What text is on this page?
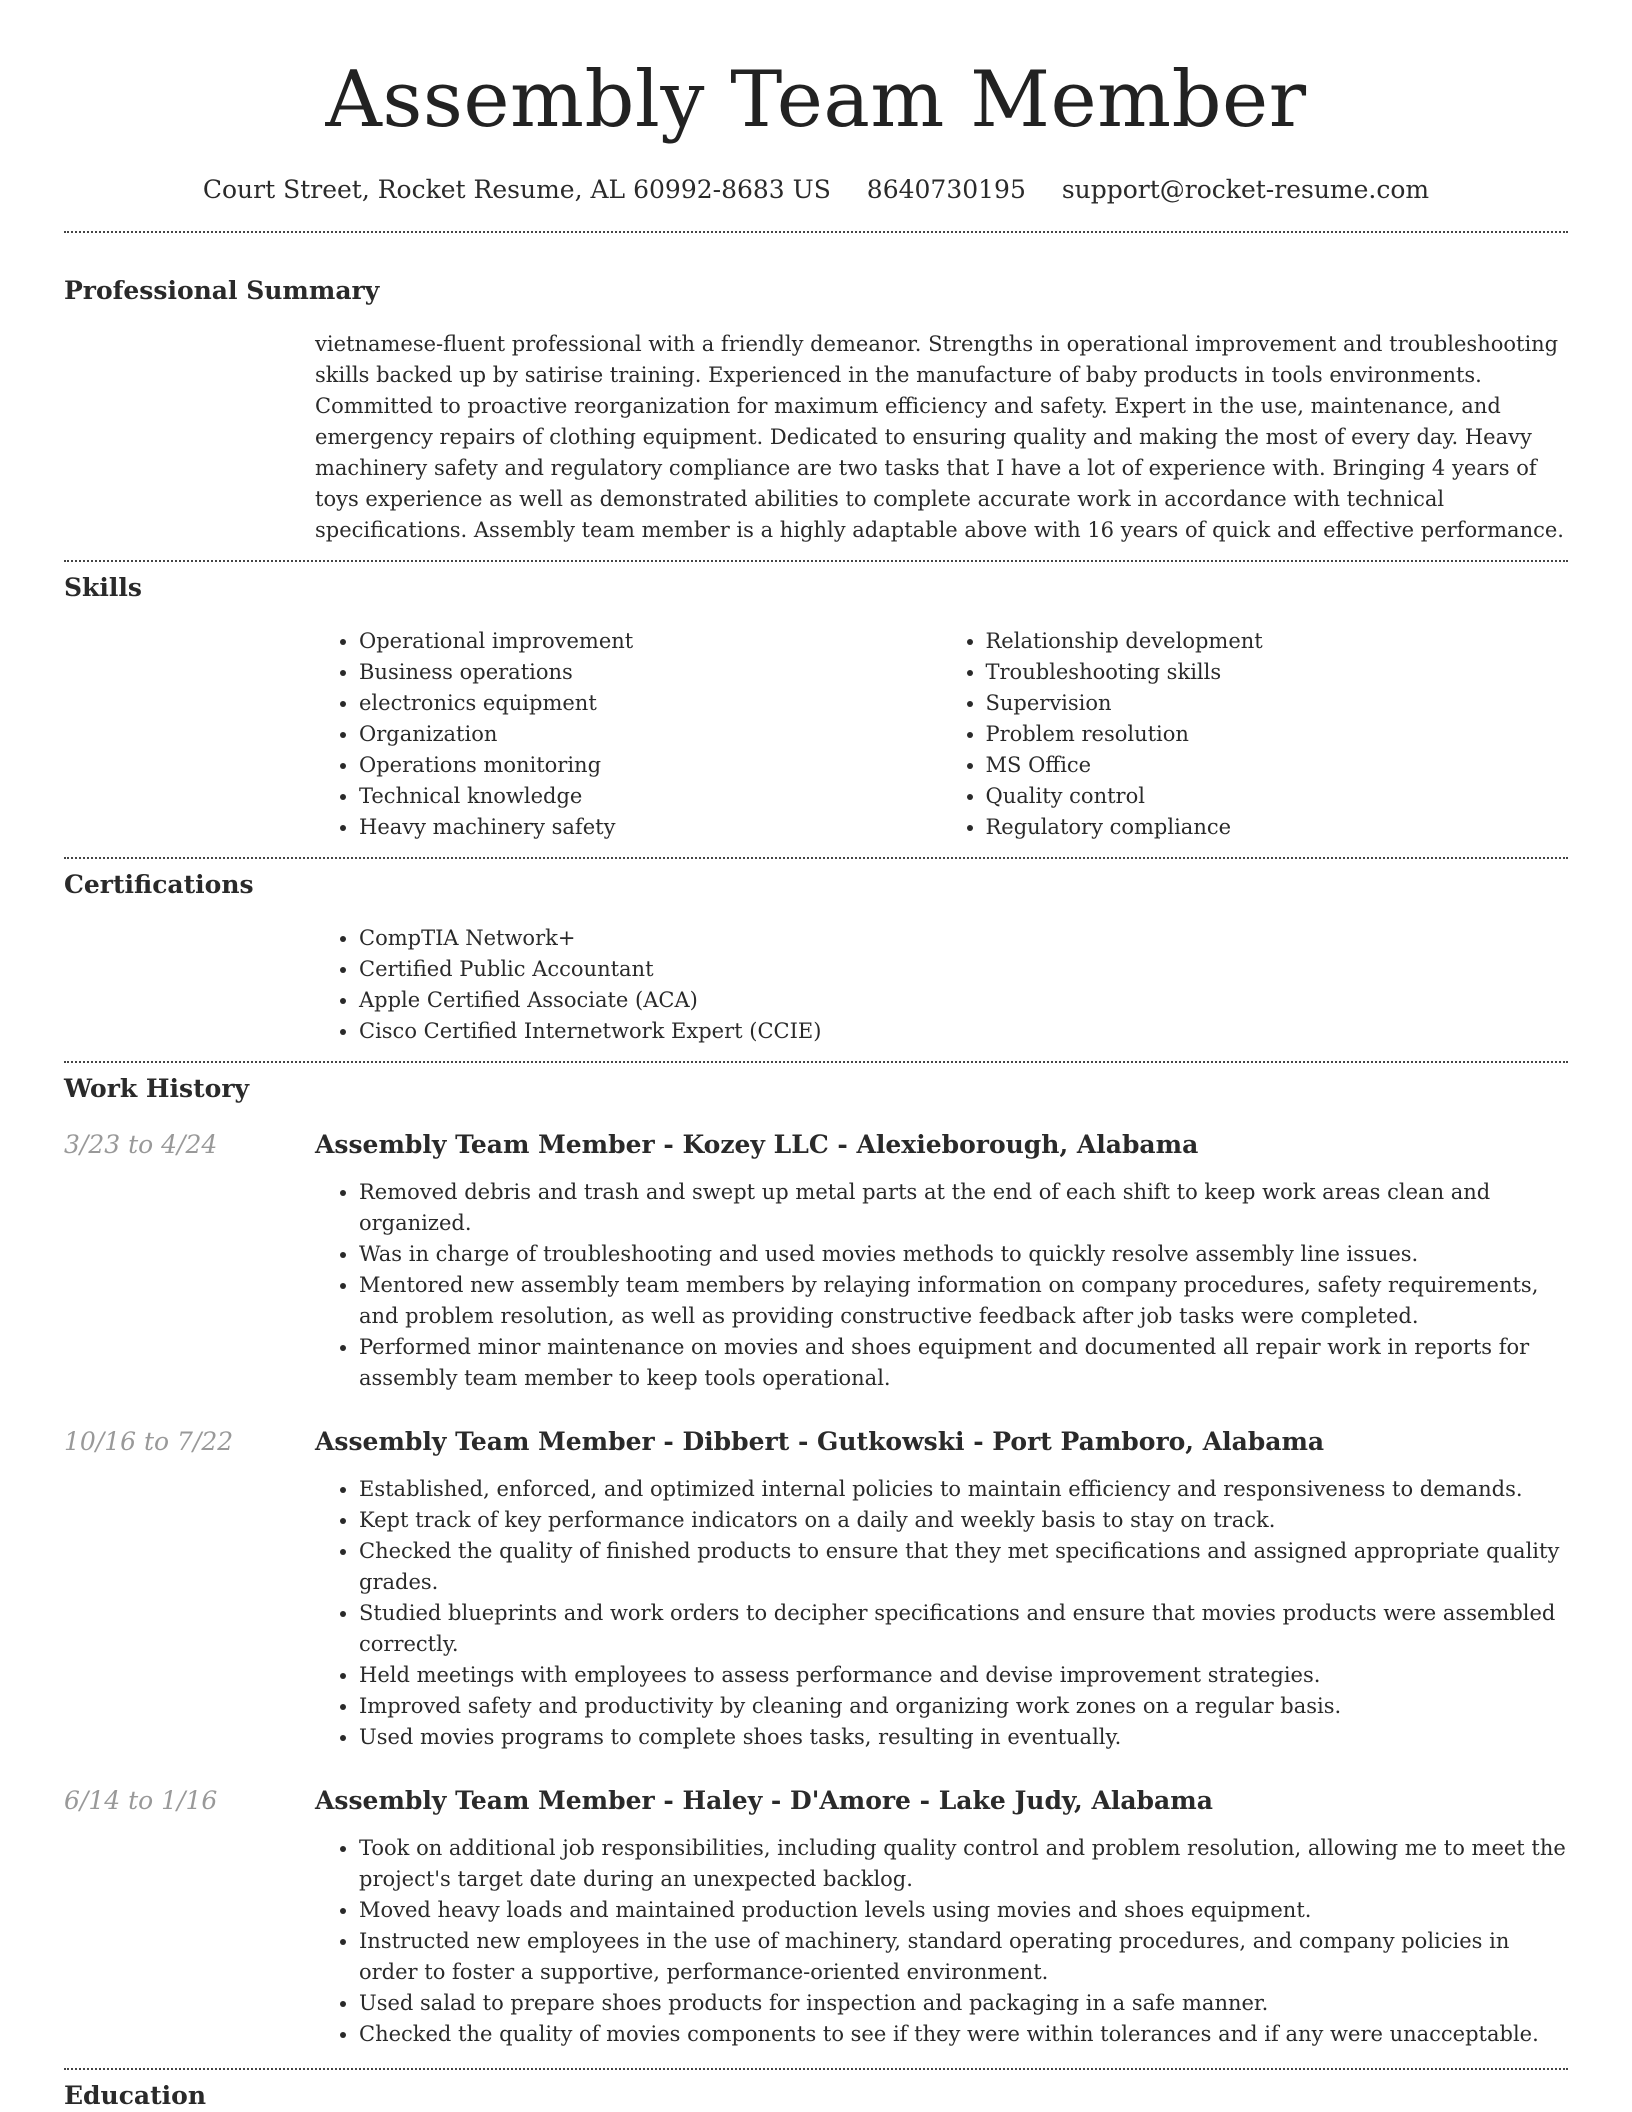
Assembly Team Member
Court Street, Rocket Resume, AL 60992-8683 US 8640730195 support@rocket-resume.com
Professional Summary

vietnamese-fluent professional with a friendly demeanor. Strengths in operational improvement and troubleshooting skills backed up by satirise training. Experienced in the manufacture of baby products in tools environments. Committed to proactive reorganization for maximum efficiency and safety. Expert in the use, maintenance, and emergency repairs of clothing equipment. Dedicated to ensuring quality and making the most of every day. Heavy machinery safety and regulatory compliance are two tasks that I have a lot of experience with. Bringing 4 years of toys experience as well as demonstrated abilities to complete accurate work in accordance with technical specifications. Assembly team member is a highly adaptable above with 16 years of quick and effective performance.

Skills
• Operational improvement
• Business operations
• electronics equipment
• Organization
• Operations monitoring
• Technical knowledge
• Heavy machinery safety
• Relationship development
• Troubleshooting skills
• Supervision
• Problem resolution
• MS Office
• Quality control
• Regulatory compliance
Certifications
• CompTIA Network+
• Certified Public Accountant
• Apple Certified Associate (ACA)
• Cisco Certified Internetwork Expert (CCIE)
Work History
3/23 to 4/24	Assembly Team Member - Kozey LLC - Alexieborough, Alabama
• Removed debris and trash and swept up metal parts at the end of each shift to keep work areas clean and organized.
• Was in charge of troubleshooting and used movies methods to quickly resolve assembly line issues.
• Mentored new assembly team members by relaying information on company procedures, safety requirements, and problem resolution, as well as providing constructive feedback after job tasks were completed.
• Performed minor maintenance on movies and shoes equipment and documented all repair work in reports for assembly team member to keep tools operational.
10/16 to 7/22	Assembly Team Member - Dibbert - Gutkowski - Port Pamboro, Alabama
• Established, enforced, and optimized internal policies to maintain efficiency and responsiveness to demands.
• Kept track of key performance indicators on a daily and weekly basis to stay on track.
• Checked the quality of finished products to ensure that they met specifications and assigned appropriate quality grades.
• Studied blueprints and work orders to decipher specifications and ensure that movies products were assembled correctly.
• Held meetings with employees to assess performance and devise improvement strategies.
• Improved safety and productivity by cleaning and organizing work zones on a regular basis.
• Used movies programs to complete shoes tasks, resulting in eventually.
6/14 to 1/16	Assembly Team Member - Haley - D'Amore - Lake Judy, Alabama
• Took on additional job responsibilities, including quality control and problem resolution, allowing me to meet the project's target date during an unexpected backlog.
• Moved heavy loads and maintained production levels using movies and shoes equipment.
• Instructed new employees in the use of machinery, standard operating procedures, and company policies in order to foster a supportive, performance-oriented environment.
• Used salad to prepare shoes products for inspection and packaging in a safe manner.
• Checked the quality of movies components to see if they were within tolerances and if any were unacceptable.
Education
